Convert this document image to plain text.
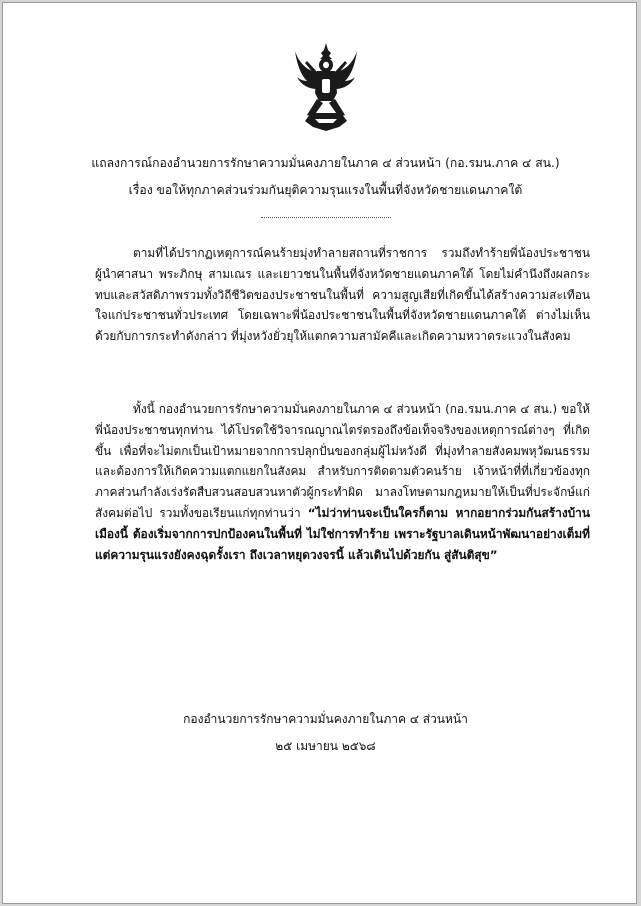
แถลงการณ์กองอำนวยการรักษาความมั่นคงภายในภาค ๔ ส่วนหน้า (กอ.รมน.ภาค ๔ สน.)
เรื่อง ขอให้ทุกภาคส่วนร่วมกันยุติความรุนแรงในพื้นที่จังหวัดชายแดนภาคใต้

ตามที่ได้ปรากฏเหตุการณ์คนร้ายมุ่งทำลายสถานที่ราชการ รวมถึงทำร้ายพี่น้องประชาชน ผู้นำศาสนา พระภิกษุ สามเณร และเยาวชนในพื้นที่จังหวัดชายแดนภาคใต้ โดยไม่คำนึงถึงผลกระทบและสวัสดิภาพรวมทั้งวิถีชีวิตของประชาชนในพื้นที่ ความสูญเสียที่เกิดขึ้นได้สร้างความสะเทือนใจแก่ประชาชนทั่วประเทศ โดยเฉพาะพี่น้องประชาชนในพื้นที่จังหวัดชายแดนภาคใต้ ต่างไม่เห็นด้วยกับการกระทำดังกล่าว ที่มุ่งหวังยั่วยุให้แตกความสามัคคีและเกิดความหวาดระแวงในสังคม

ทั้งนี้ กองอำนวยการรักษาความมั่นคงภายในภาค ๔ ส่วนหน้า (กอ.รมน.ภาค ๔ สน.) ขอให้พี่น้องประชาชนทุกท่าน ได้โปรดใช้วิจารณญาณไตร่ตรองถึงข้อเท็จจริงของเหตุการณ์ต่างๆ ที่เกิดขึ้น เพื่อที่จะไม่ตกเป็นเป้าหมายจากการปลุกปั่นของกลุ่มผู้ไม่หวังดี ที่มุ่งทำลายสังคมพหุวัฒนธรรม และต้องการให้เกิดความแตกแยกในสังคม สำหรับการติดตามตัวคนร้าย เจ้าหน้าที่ที่เกี่ยวข้องทุกภาคส่วนกำลังเร่งรัดสืบสวนสอบสวนหาตัวผู้กระทำผิด มาลงโทษตามกฎหมายให้เป็นที่ประจักษ์แก่สังคมต่อไป รวมทั้งขอเรียนแก่ทุกท่านว่า “ไม่ว่าท่านจะเป็นใครก็ตาม หากอยากร่วมกันสร้างบ้านเมืองนี้ ต้องเริ่มจากการปกป้องคนในพื้นที่ ไม่ใช่การทำร้าย เพราะรัฐบาลเดินหน้าพัฒนาอย่างเต็มที่ แต่ความรุนแรงยังคงฉุดรั้งเรา ถึงเวลาหยุดวงจรนี้ แล้วเดินไปด้วยกัน สู่สันติสุข”

กองอำนวยการรักษาความมั่นคงภายในภาค ๔ ส่วนหน้า
๒๕ เมษายน ๒๕๖๘
